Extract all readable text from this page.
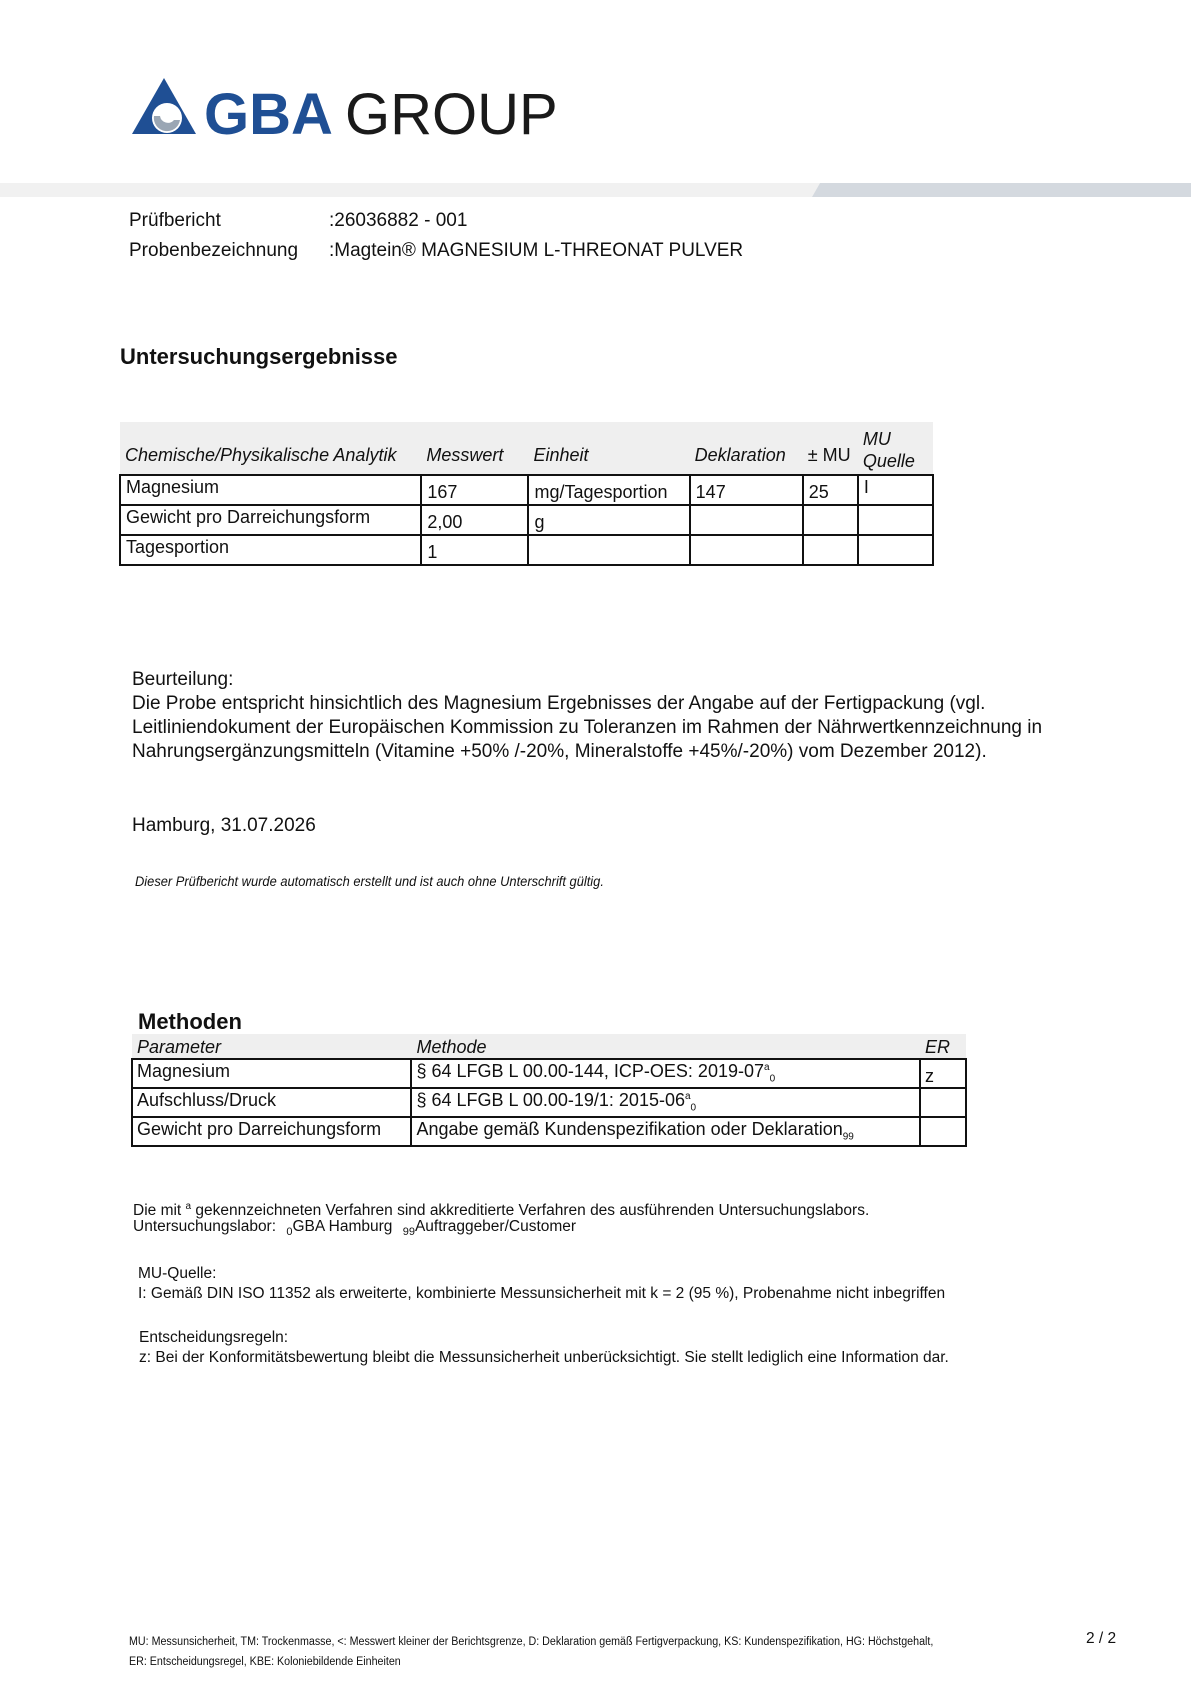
GBA GROUP
Prüfbericht	:26036882 - 001
Probenbezeichnung :Magtein® MAGNESIUM L-THREONAT PULVER
Untersuchungsergebnisse
Chemische/Physikalische Analytik	Messwert	Einheit	Deklaration	± MU	MU
Quelle
Magnesium	167	mg/Tagesportion	147	25	I
Gewicht pro Darreichungsform	2,00	g			
Tagesportion	1				
Beurteilung:
Die Probe entspricht hinsichtlich des Magnesium Ergebnisses der Angabe auf der Fertigpackung (vgl.
Leitliniendokument der Europäischen Kommission zu Toleranzen im Rahmen der Nährwertkennzeichnung in
Nahrungsergänzungsmitteln (Vitamine +50% /-20%, Mineralstoffe +45%/-20%) vom Dezember 2012).
Hamburg, 31.07.2026
Dieser Prüfbericht wurde automatisch erstellt und ist auch ohne Unterschrift gültig.
Methoden
Parameter	Methode	ER
Magnesium	§ 64 LFGB L 00.00-144, ICP-OES: $2019-07^a_0$	z
Aufschluss/Druck	§ 64 LFGB L 00.00-19/1: $2015-06^a_0$	
Gewicht pro Darreichungsform	Angabe gemäß Kundenspezifikation oder Deklaration$_{99}$	
Die mit $^a$ gekennzeichneten Verfahren sind akkreditierte Verfahren des ausführenden Untersuchungslabors.
Untersuchungslabor: $_0$GBA Hamburg $_{99}$Auftraggeber/Customer
MU-Quelle:
I: Gemäß DIN ISO 11352 als erweiterte, kombinierte Messunsicherheit mit k = 2 (95 %), Probenahme nicht inbegriffen
Entscheidungsregeln:
z: Bei der Konformitätsbewertung bleibt die Messunsicherheit unberücksichtigt. Sie stellt lediglich eine Information dar.
MU: Messunsicherheit, TM: Trockenmasse, <: Messwert kleiner der Berichtsgrenze, D: Deklaration gemäß Fertigverpackung, KS: Kundenspezifikation, HG: Höchstgehalt,
ER: Entscheidungsregel, KBE: Koloniebildende Einheiten
2 / 2
